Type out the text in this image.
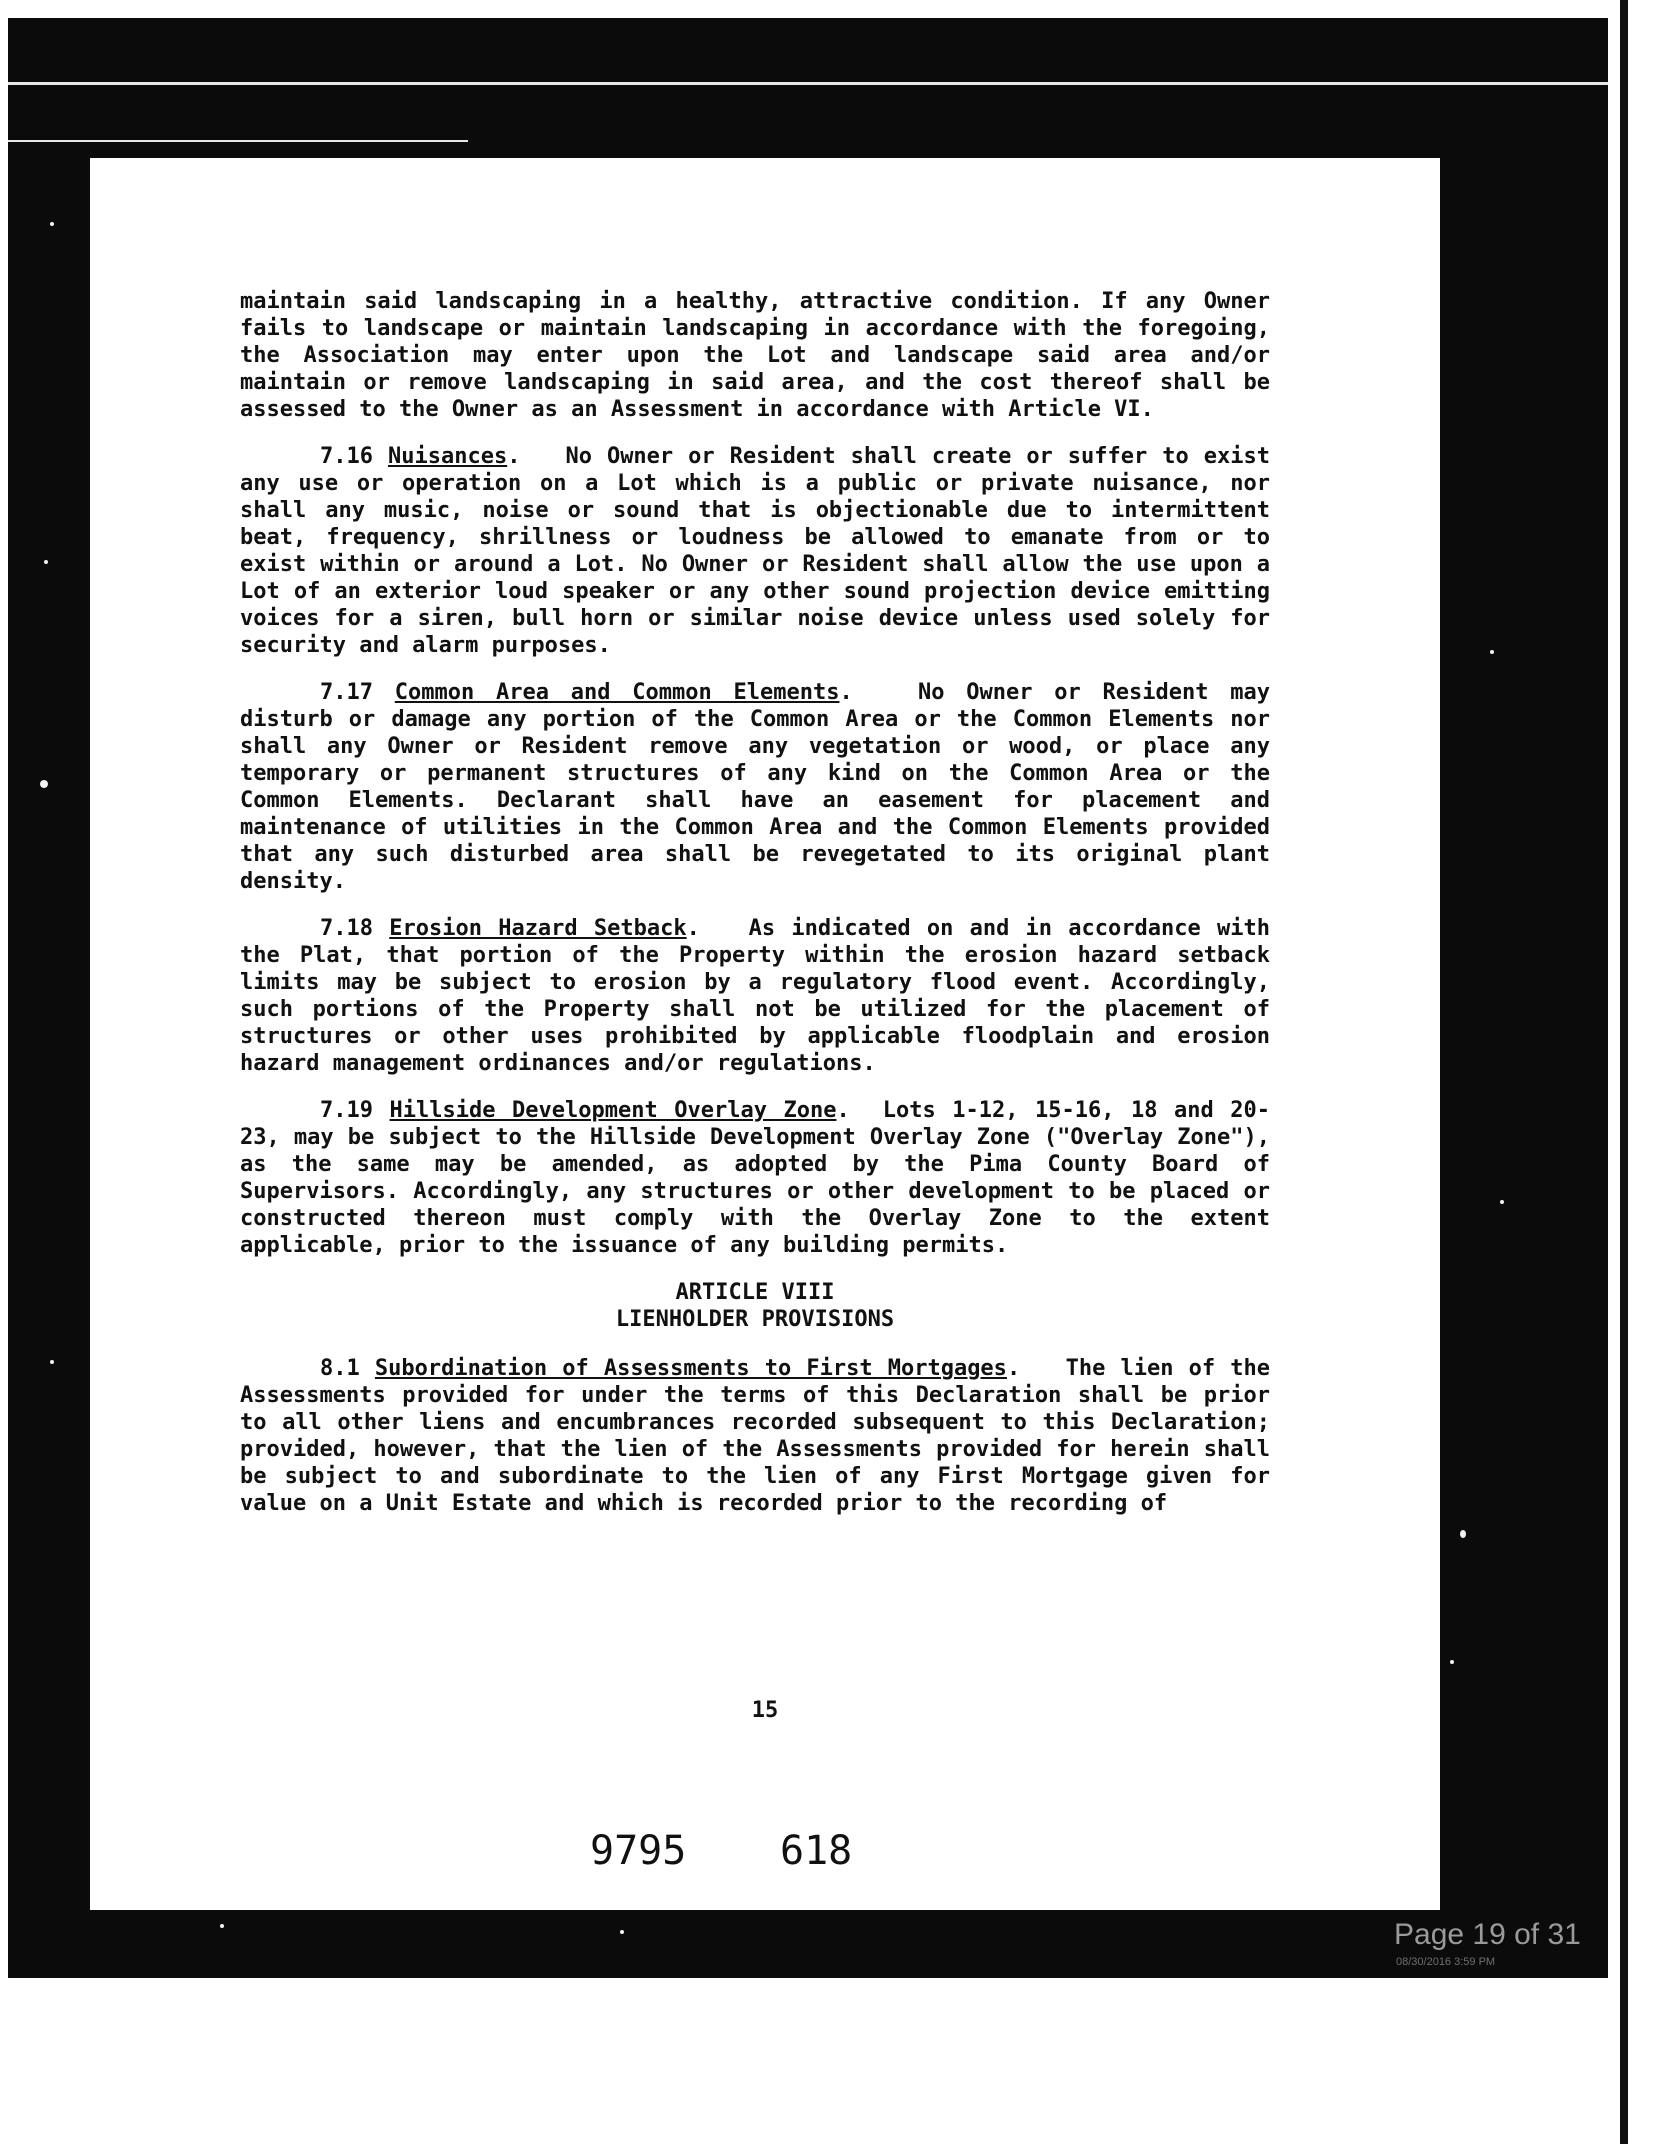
maintain said landscaping in a healthy, attractive condition. If any Owner fails to landscape or maintain landscaping in accordance with the foregoing, the Association may enter upon the Lot and landscape said area and/or maintain or remove landscaping in said area, and the cost thereof shall be assessed to the Owner as an Assessment in accordance with Article VI.

7.16 Nuisances.   No Owner or Resident shall create or suffer to exist any use or operation on a Lot which is a public or private nuisance, nor shall any music, noise or sound that is objectionable due to intermittent beat, frequency, shrillness or loudness be allowed to emanate from or to exist within or around a Lot. No Owner or Resident shall allow the use upon a Lot of an exterior loud speaker or any other sound projection device emitting voices for a siren, bull horn or similar noise device unless used solely for security and alarm purposes.

7.17 Common Area and Common Elements.   No Owner or Resident may disturb or damage any portion of the Common Area or the Common Elements nor shall any Owner or Resident remove any vegetation or wood, or place any temporary or permanent structures of any kind on the Common Area or the Common Elements. Declarant shall have an easement for placement and maintenance of utilities in the Common Area and the Common Elements provided that any such disturbed area shall be revegetated to its original plant density.

7.18 Erosion Hazard Setback.   As indicated on and in accordance with the Plat, that portion of the Property within the erosion hazard setback limits may be subject to erosion by a regulatory flood event. Accordingly, such portions of the Property shall not be utilized for the placement of structures or other uses prohibited by applicable floodplain and erosion hazard management ordinances and/or regulations.

7.19 Hillside Development Overlay Zone.  Lots 1-12, 15-16, 18 and 20-23, may be subject to the Hillside Development Overlay Zone ("Overlay Zone"), as the same may be amended, as adopted by the Pima County Board of Supervisors. Accordingly, any structures or other development to be placed or constructed thereon must comply with the Overlay Zone to the extent applicable, prior to the issuance of any building permits.

ARTICLE VIII

LIENHOLDER PROVISIONS

8.1 Subordination of Assessments to First Mortgages.   The lien of the Assessments provided for under the terms of this Declaration shall be prior to all other liens and encumbrances recorded subsequent to this Declaration; provided, however, that the lien of the Assessments provided for herein shall be subject to and subordinate to the lien of any First Mortgage given for value on a Unit Estate and which is recorded prior to the recording of

15
9795 618
Page 19 of 31
08/30/2016 3:59 PM
